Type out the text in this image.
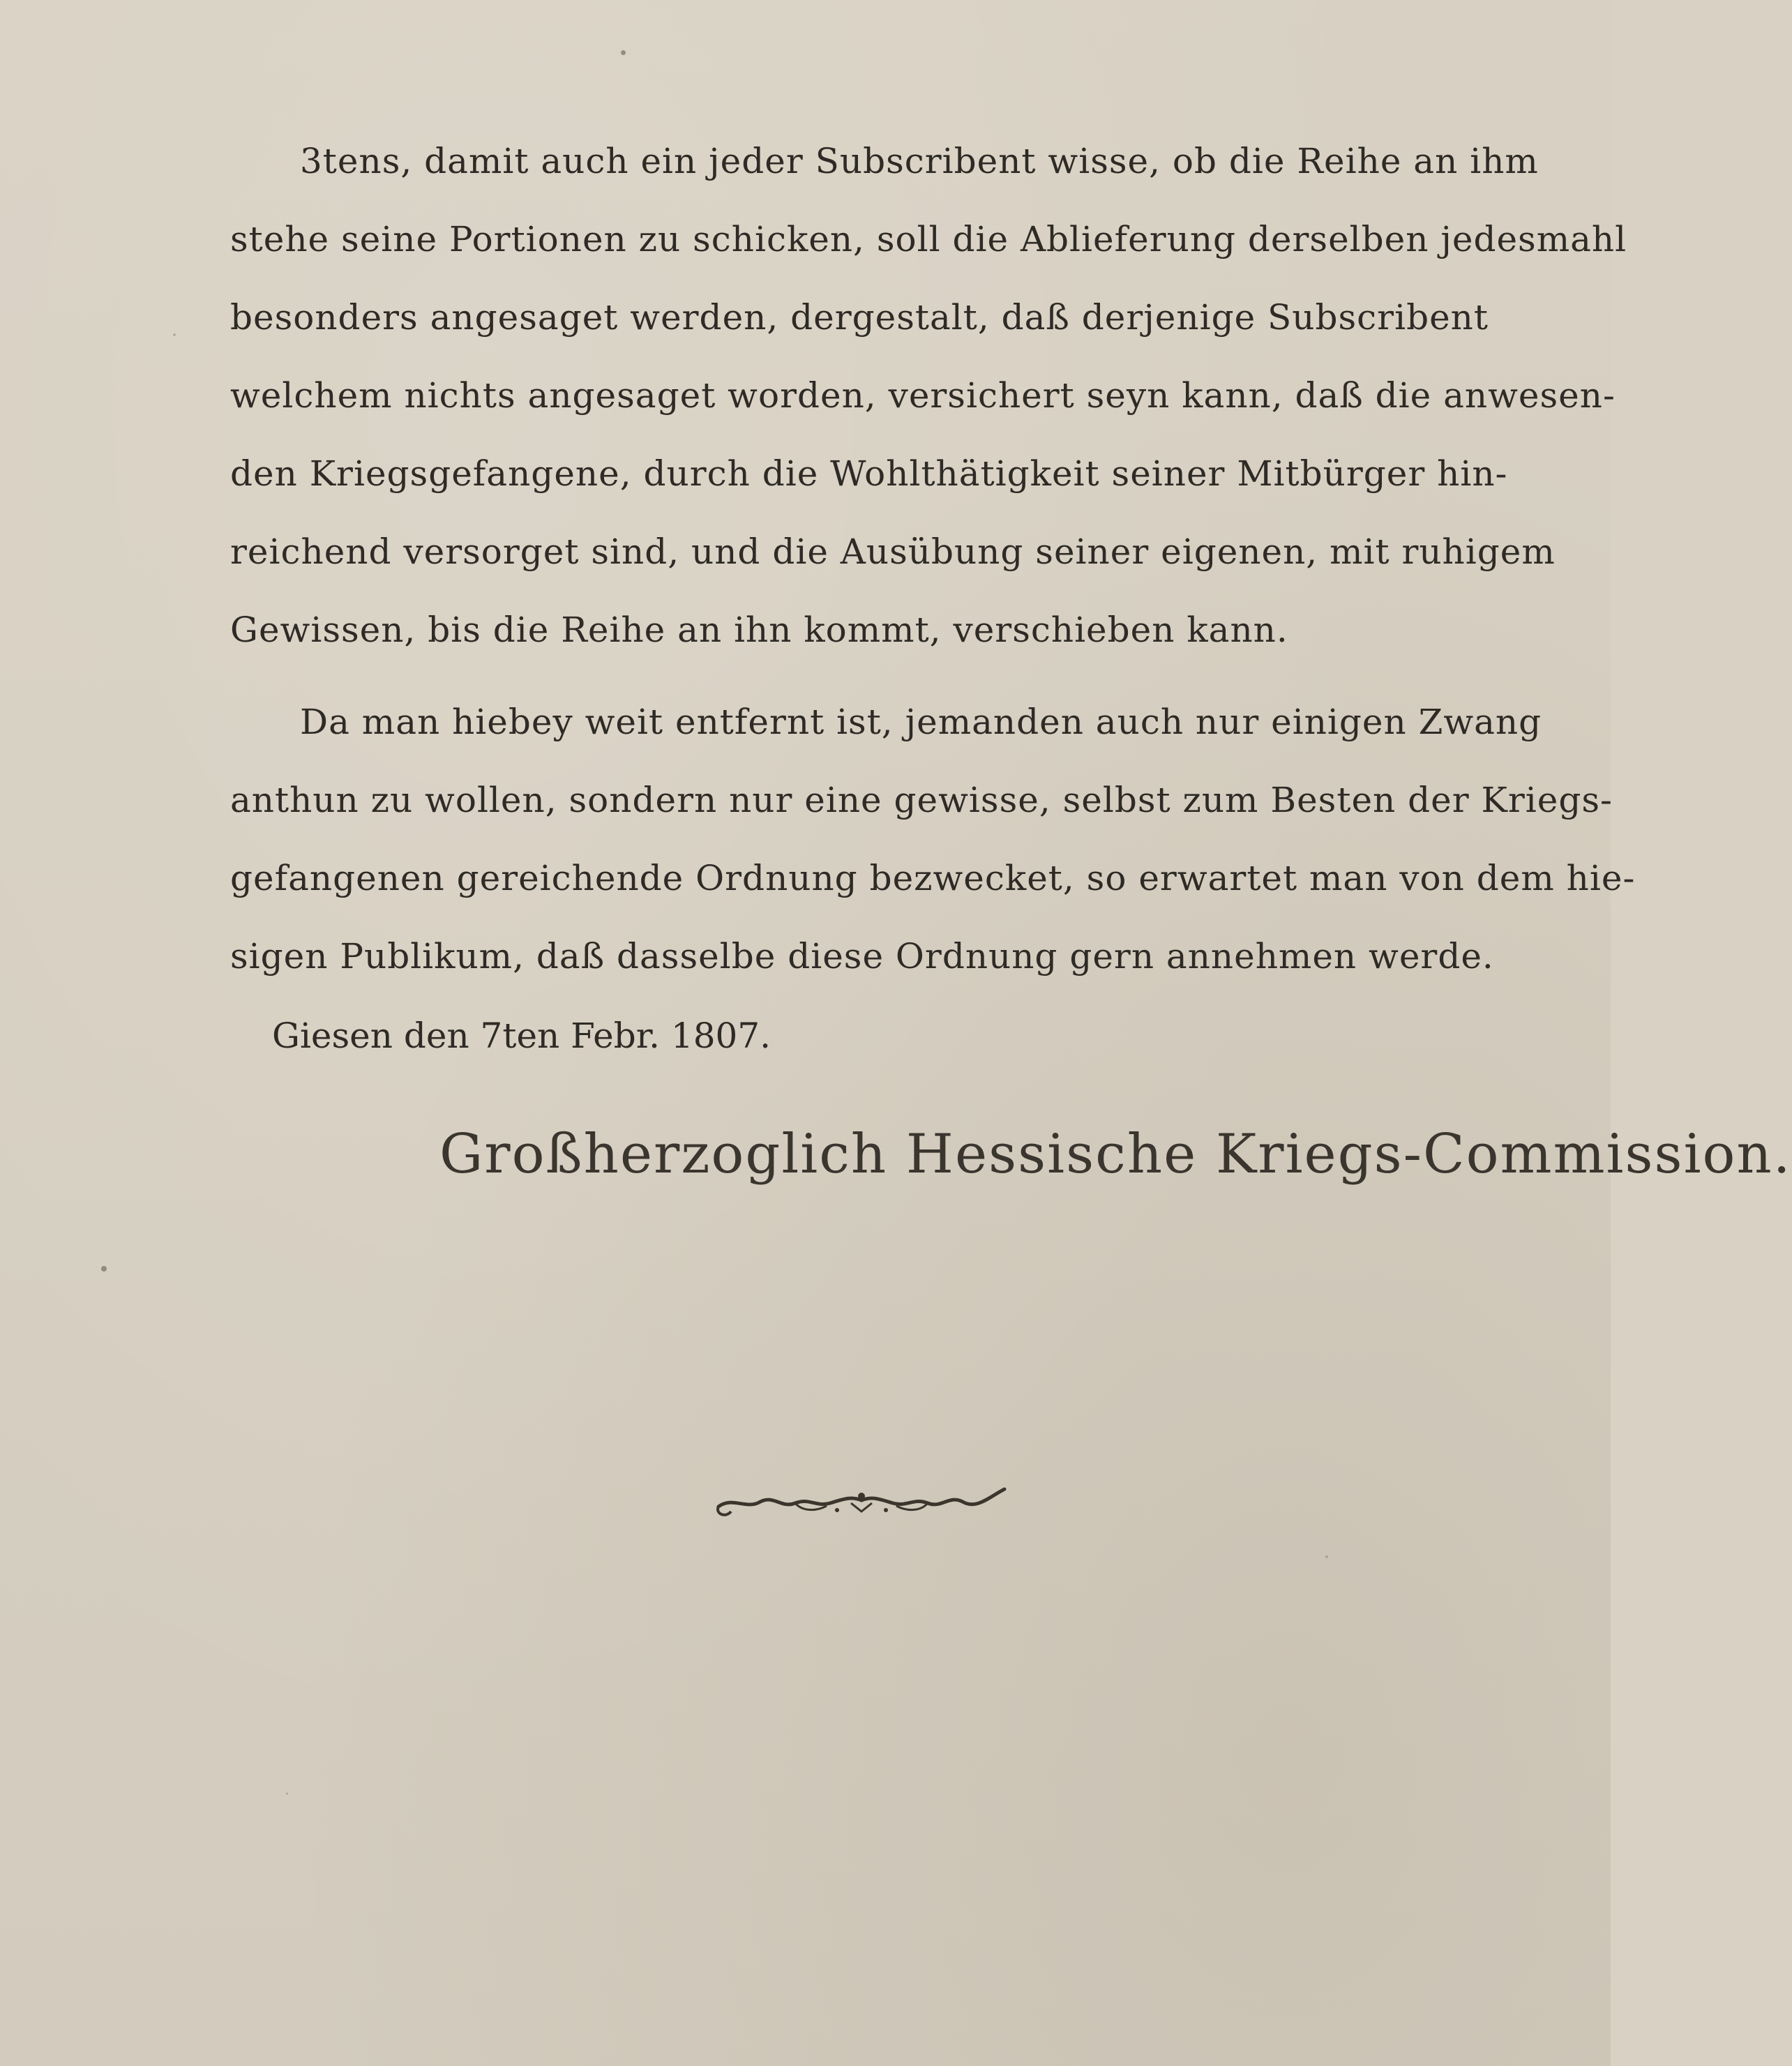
3tens, damit auch ein jeder Subscribent wisse, ob die Reihe an ihm
stehe seine Portionen zu schicken, soll die Ablieferung derselben jedesmahl
besonders angesaget werden, dergestalt, daß derjenige Subscribent
welchem nichts angesaget worden, versichert seyn kann, daß die anwesen-
den Kriegsgefangene, durch die Wohlthätigkeit seiner Mitbürger hin-
reichend versorget sind, und die Ausübung seiner eigenen, mit ruhigem
Gewissen, bis die Reihe an ihn kommt, verschieben kann.
Da man hiebey weit entfernt ist, jemanden auch nur einigen Zwang
anthun zu wollen, sondern nur eine gewisse, selbst zum Besten der Kriegs-
gefangenen gereichende Ordnung bezwecket, so erwartet man von dem hie-
sigen Publikum, daß dasselbe diese Ordnung gern annehmen werde.
Giesen den 7ten Febr. 1807.
Großherzoglich Hessische Kriegs-Commission.
